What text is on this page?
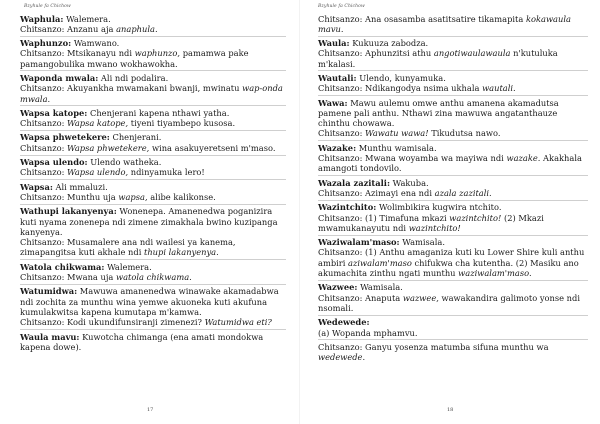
Bzyhule fa Chichow
Waphula: Walemera.
Chitsanzo: Anzanu aja anaphula.
Waphunzo: Wamwano.
Chitsanzo: Mtsikanayu ndi waphunzo, pamamwa pake pamangobulika mwano wokhawokha.
Waponda mwala: Ali ndi podalira.
Chitsanzo: Akuyankha mwamakani bwanji, mwinatu wap-onda mwala.
Wapsa katope: Chenjerani kapena nthawi yatha.
Chitsanzo: Wapsa katope, tiyeni tiyambepo kusosa.
Wapsa phwetekere: Chenjerani.
Chitsanzo: Wapsa phwetekere, wina asakuyeretseni m'maso.
Wapsa ulendo: Ulendo watheka.
Chitsanzo: Wapsa ulendo, ndinyamuka lero!
Wapsa: Ali mmaluzi.
Chitsanzo: Munthu uja wapsa, alibe kalikonse.
Wathupi lakanyenya: Wonenepa. Amanenedwa poganizira kuti nyama zonenepa ndi zimene zimakhala bwino kuzipanga kanyenya.
Chitsanzo: Musamalere ana ndi wailesi ya kanema, zimapangitsa kuti akhale ndi thupi lakanyenya.
Watola chikwama: Walemera.
Chitsanzo: Mwana uja watola chikwama.
Watumidwa: Mawuwa amanenedwa winawake akamadabwa ndi zochita za munthu wina yemwe akuoneka kuti akufuna kumulakwitsa kapena kumutapa m'kamwa.
Chitsanzo: Kodi ukundifunsiranji zimenezi? Watumidwa eti?
Waula mavu: Kuwotcha chimanga (ena amati mondokwa kapena dowe).
17
Bzyhule fa Chichow
Chitsanzo: Ana osasamba asatitsatire tikamapita kokawaula mavu.
Waula: Kukuuza zabodza.
Chitsanzo: Aphunzitsi athu angotiwaulawaula n'kutuluka m'kalasi.
Wautali: Ulendo, kunyamuka.
Chitsanzo: Ndikangodya nsima ukhala wautali.
Wawa: Mawu aulemu omwe anthu amanena akamadutsa pamene pali anthu. Nthawi zina mawuwa angatanthauze chinthu chowawa.
Chitsanzo: Wawatu wawa! Tikudutsa nawo.
Wazake: Munthu wamisala.
Chitsanzo: Mwana woyamba wa mayiwa ndi wazake. Akakhala amangoti tondovilo.
Wazala zazitali: Wakuba.
Chitsanzo: Azimayi ena ndi azala zazitali.
Wazintchito: Wolimbikira kugwira ntchito.
Chitsanzo: (1) Timafuna mkazi wazintchito! (2) Mkazi mwamukanayutu ndi wazintchito!
Waziwalam'maso: Wamisala.
Chitsanzo: (1) Anthu amaganiza kuti ku Lower Shire kuli anthu ambiri aziwalam'maso chifukwa cha kutentha. (2) Masiku ano akumachita zinthu ngati munthu waziwalam'maso.
Wazwee: Wamisala.
Chitsanzo: Anaputa wazwee, wawakandira galimoto yonse ndi nsomali.
Wedewede:
(a) Wopanda mphamvu.
Chitsanzo: Ganyu yosenza matumba sifuna munthu wa wedewede.
18
